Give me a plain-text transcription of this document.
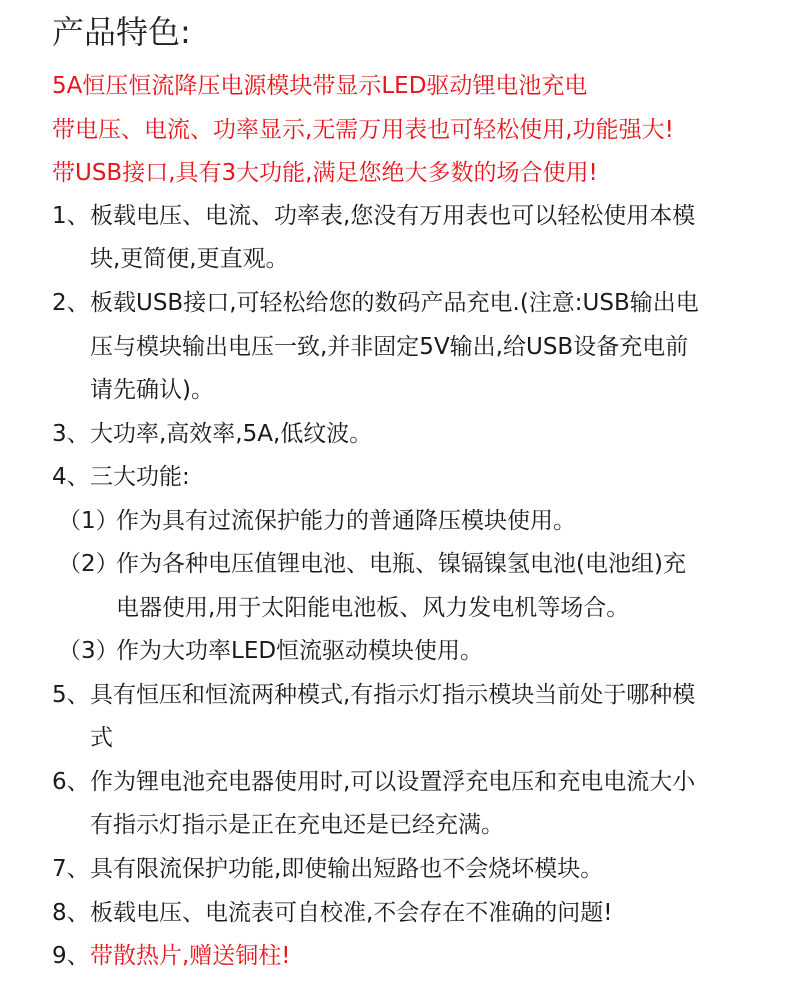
产品特色:
5A恒压恒流降压电源模块带显示LED驱动锂电池充电
带电压、电流、功率显示,无需万用表也可轻松使用,功能强大!
带USB接口,具有3大功能,满足您绝大多数的场合使用!
1、 板载电压、电流、功率表,您没有万用表也可以轻松使用本模
块,更简便,更直观。
2、 板载USB接口,可轻松给您的数码产品充电.(注意:USB输出电
压与模块输出电压一致,并非固定5V输出,给USB设备充电前
请先确认)。
3、 大功率,高效率,5A,低纹波。
4、 三大功能:
（1）
作为具有过流保护能力的普通降压模块使用。
（2）
作为各种电压值锂电池、电瓶、镍镉镍氢电池(电池组)充
电器使用,用于太阳能电池板、风力发电机等场合。
（3）
作为大功率LED恒流驱动模块使用。
5、 具有恒压和恒流两种模式,有指示灯指示模块当前处于哪种模
式
6、 作为锂电池充电器使用时,可以设置浮充电压和充电电流大小
有指示灯指示是正在充电还是已经充满。
7、 具有限流保护功能,即使输出短路也不会烧坏模块。
8、 板载电压、电流表可自校准,不会存在不准确的问题!
9、 带散热片,赠送铜柱!
